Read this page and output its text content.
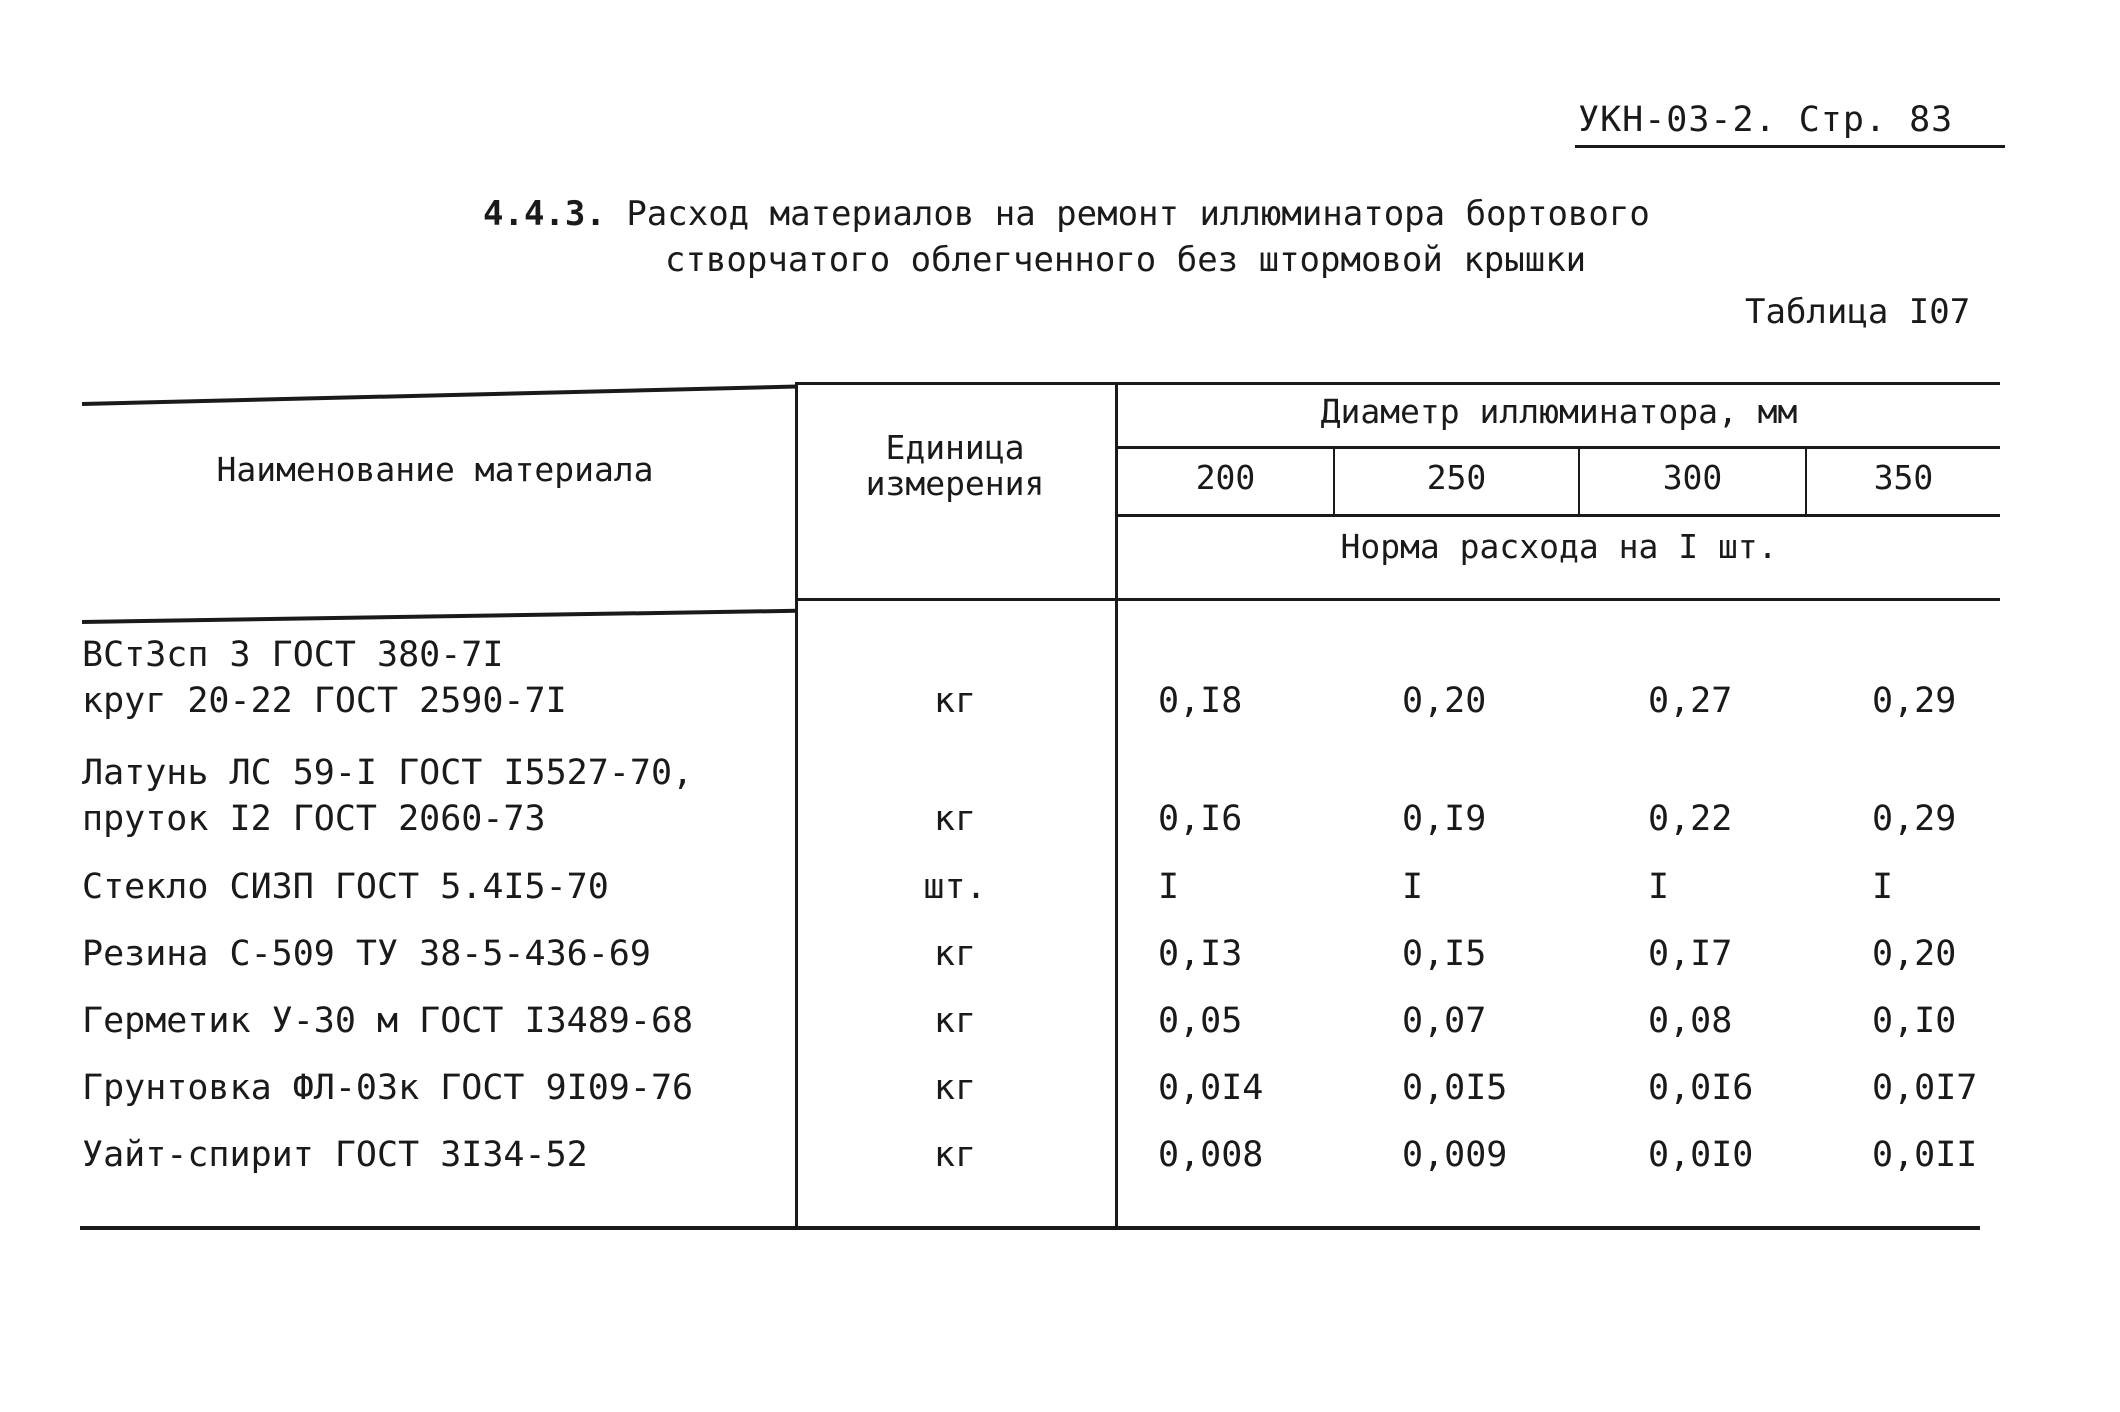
УКН-03-2. Стр. 83
4.4.3. Расход материалов на ремонт иллюминатора бортового
створчатого облегченного без штормовой крышки
Таблица I07
Наименование материала
Единица измерения
Диаметр иллюминатора, мм
200	250	300	350
Норма расхода на I шт.
ВСт3сп 3 ГОСТ 380-7I
круг 20-22 ГОСТ 2590-7I	кг	0,I8	0,20	0,27	0,29
Латунь ЛС 59-I ГОСТ I5527-70,
пруток I2 ГОСТ 2060-73	кг	0,I6	0,I9	0,22	0,29
Стекло СИЗП ГОСТ 5.4I5-70	шт.	I	I	I	I
Резина С-509 ТУ 38-5-436-69	кг	0,I3	0,I5	0,I7	0,20
Герметик У-30 м ГОСТ I3489-68	кг	0,05	0,07	0,08	0,I0
Грунтовка ФЛ-03к ГОСТ 9I09-76	кг	0,0I4	0,0I5	0,0I6	0,0I7
Уайт-спирит ГОСТ 3I34-52	кг	0,008	0,009	0,0I0	0,0II
